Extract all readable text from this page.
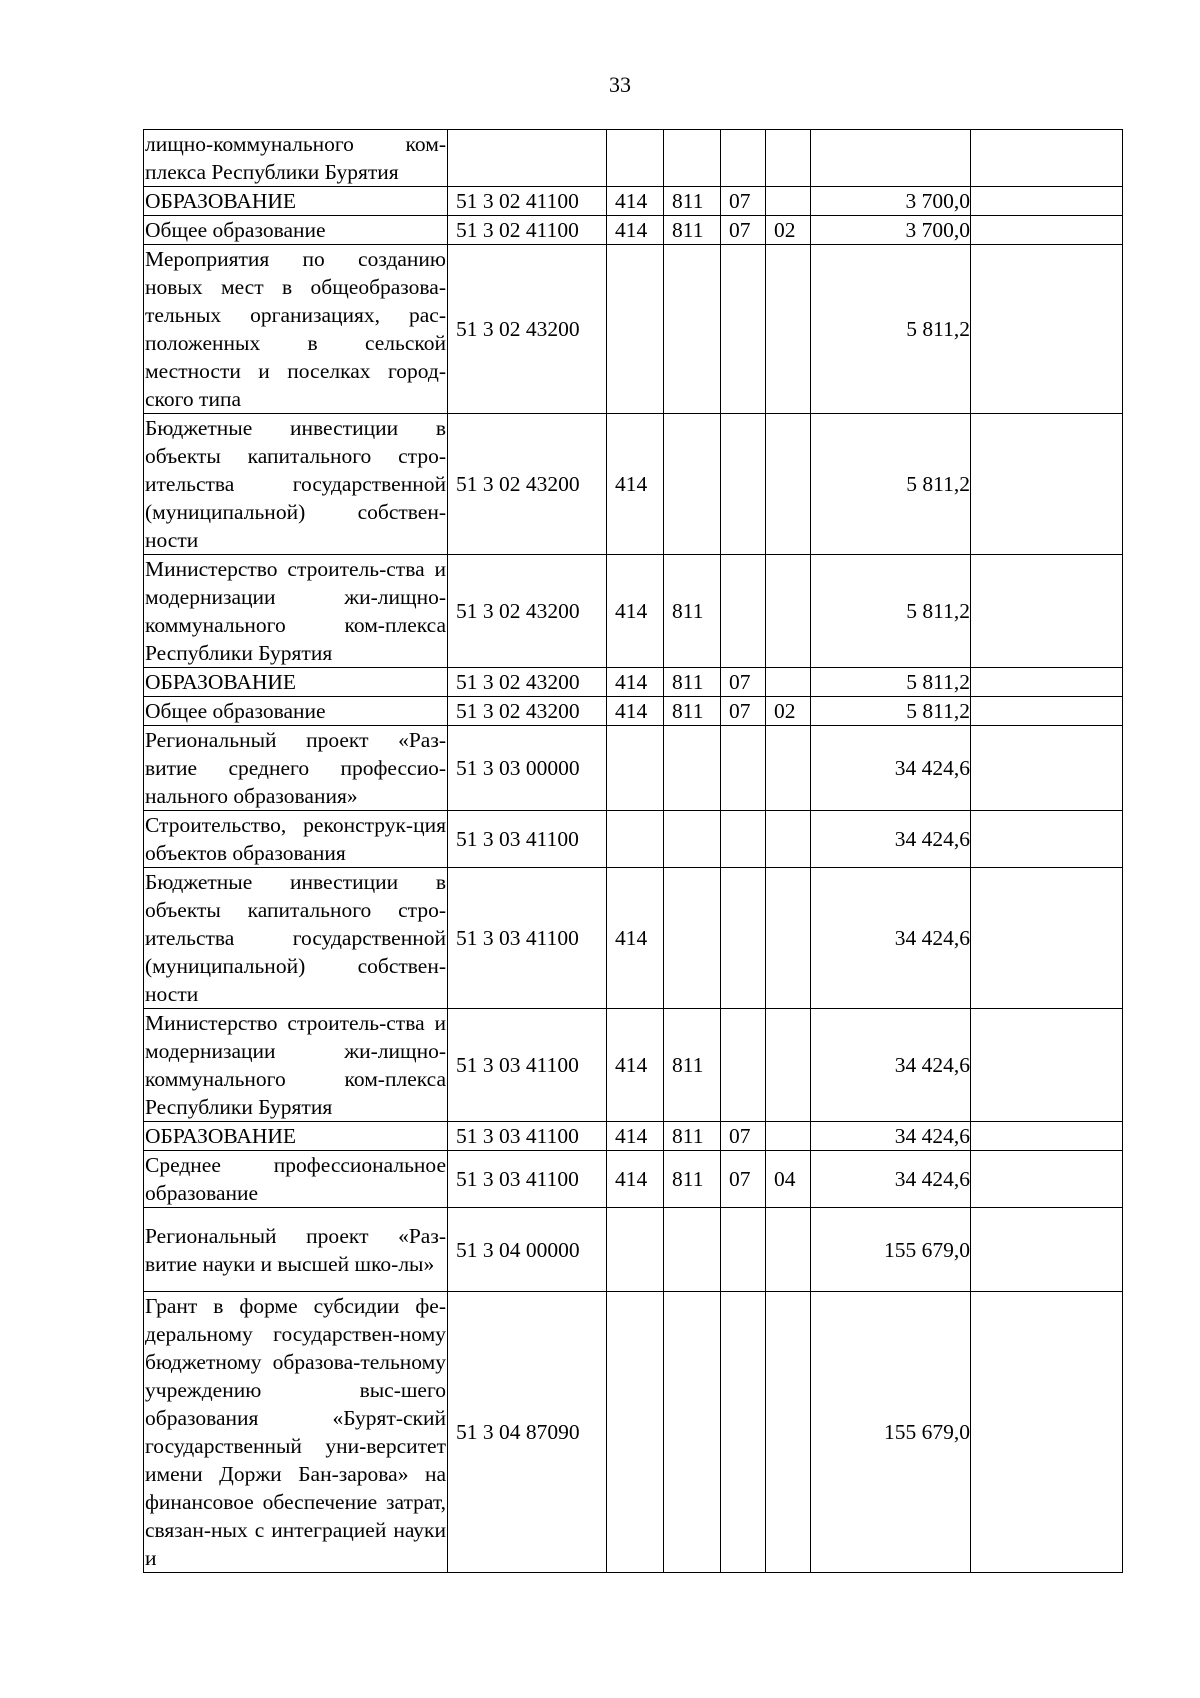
33
лищно-коммунального ком-плекса Республики Бурятия							
ОБРАЗОВАНИЕ	51 3 02 41100	414	811	07		3 700,0	
Общее образование	51 3 02 41100	414	811	07	02	3 700,0	
Мероприятия по созданию новых мест в общеобразова-тельных организациях, рас-положенных в сельской местности и поселках город-ского типа	51 3 02 43200					5 811,2	
Бюджетные инвестиции в объекты капитального стро-ительства государственной (муниципальной) собствен-ности	51 3 02 43200	414				5 811,2	
Министерство строитель-ства и модернизации жи-лищно-коммунального ком-плекса Республики Бурятия	51 3 02 43200	414	811			5 811,2	
ОБРАЗОВАНИЕ	51 3 02 43200	414	811	07		5 811,2	
Общее образование	51 3 02 43200	414	811	07	02	5 811,2	
Региональный проект «Раз-витие среднего профессио-нального образования»	51 3 03 00000					34 424,6	
Строительство, реконструк-ция объектов образования	51 3 03 41100					34 424,6	
Бюджетные инвестиции в объекты капитального стро-ительства государственной (муниципальной) собствен-ности	51 3 03 41100	414				34 424,6	
Министерство строитель-ства и модернизации жи-лищно-коммунального ком-плекса Республики Бурятия	51 3 03 41100	414	811			34 424,6	
ОБРАЗОВАНИЕ	51 3 03 41100	414	811	07		34 424,6	
Среднее профессиональное образование	51 3 03 41100	414	811	07	04	34 424,6	
Региональный проект «Раз-витие науки и высшей шко-лы»	51 3 04 00000					155 679,0	
Грант в форме субсидии фе-деральному государствен-ному бюджетному образова-тельному учреждению выс-шего образования «Бурят-ский государственный уни-верситет имени Доржи Бан-зарова» на финансовое обеспечение затрат, связан-ных с интеграцией науки и	51 3 04 87090					155 679,0	
